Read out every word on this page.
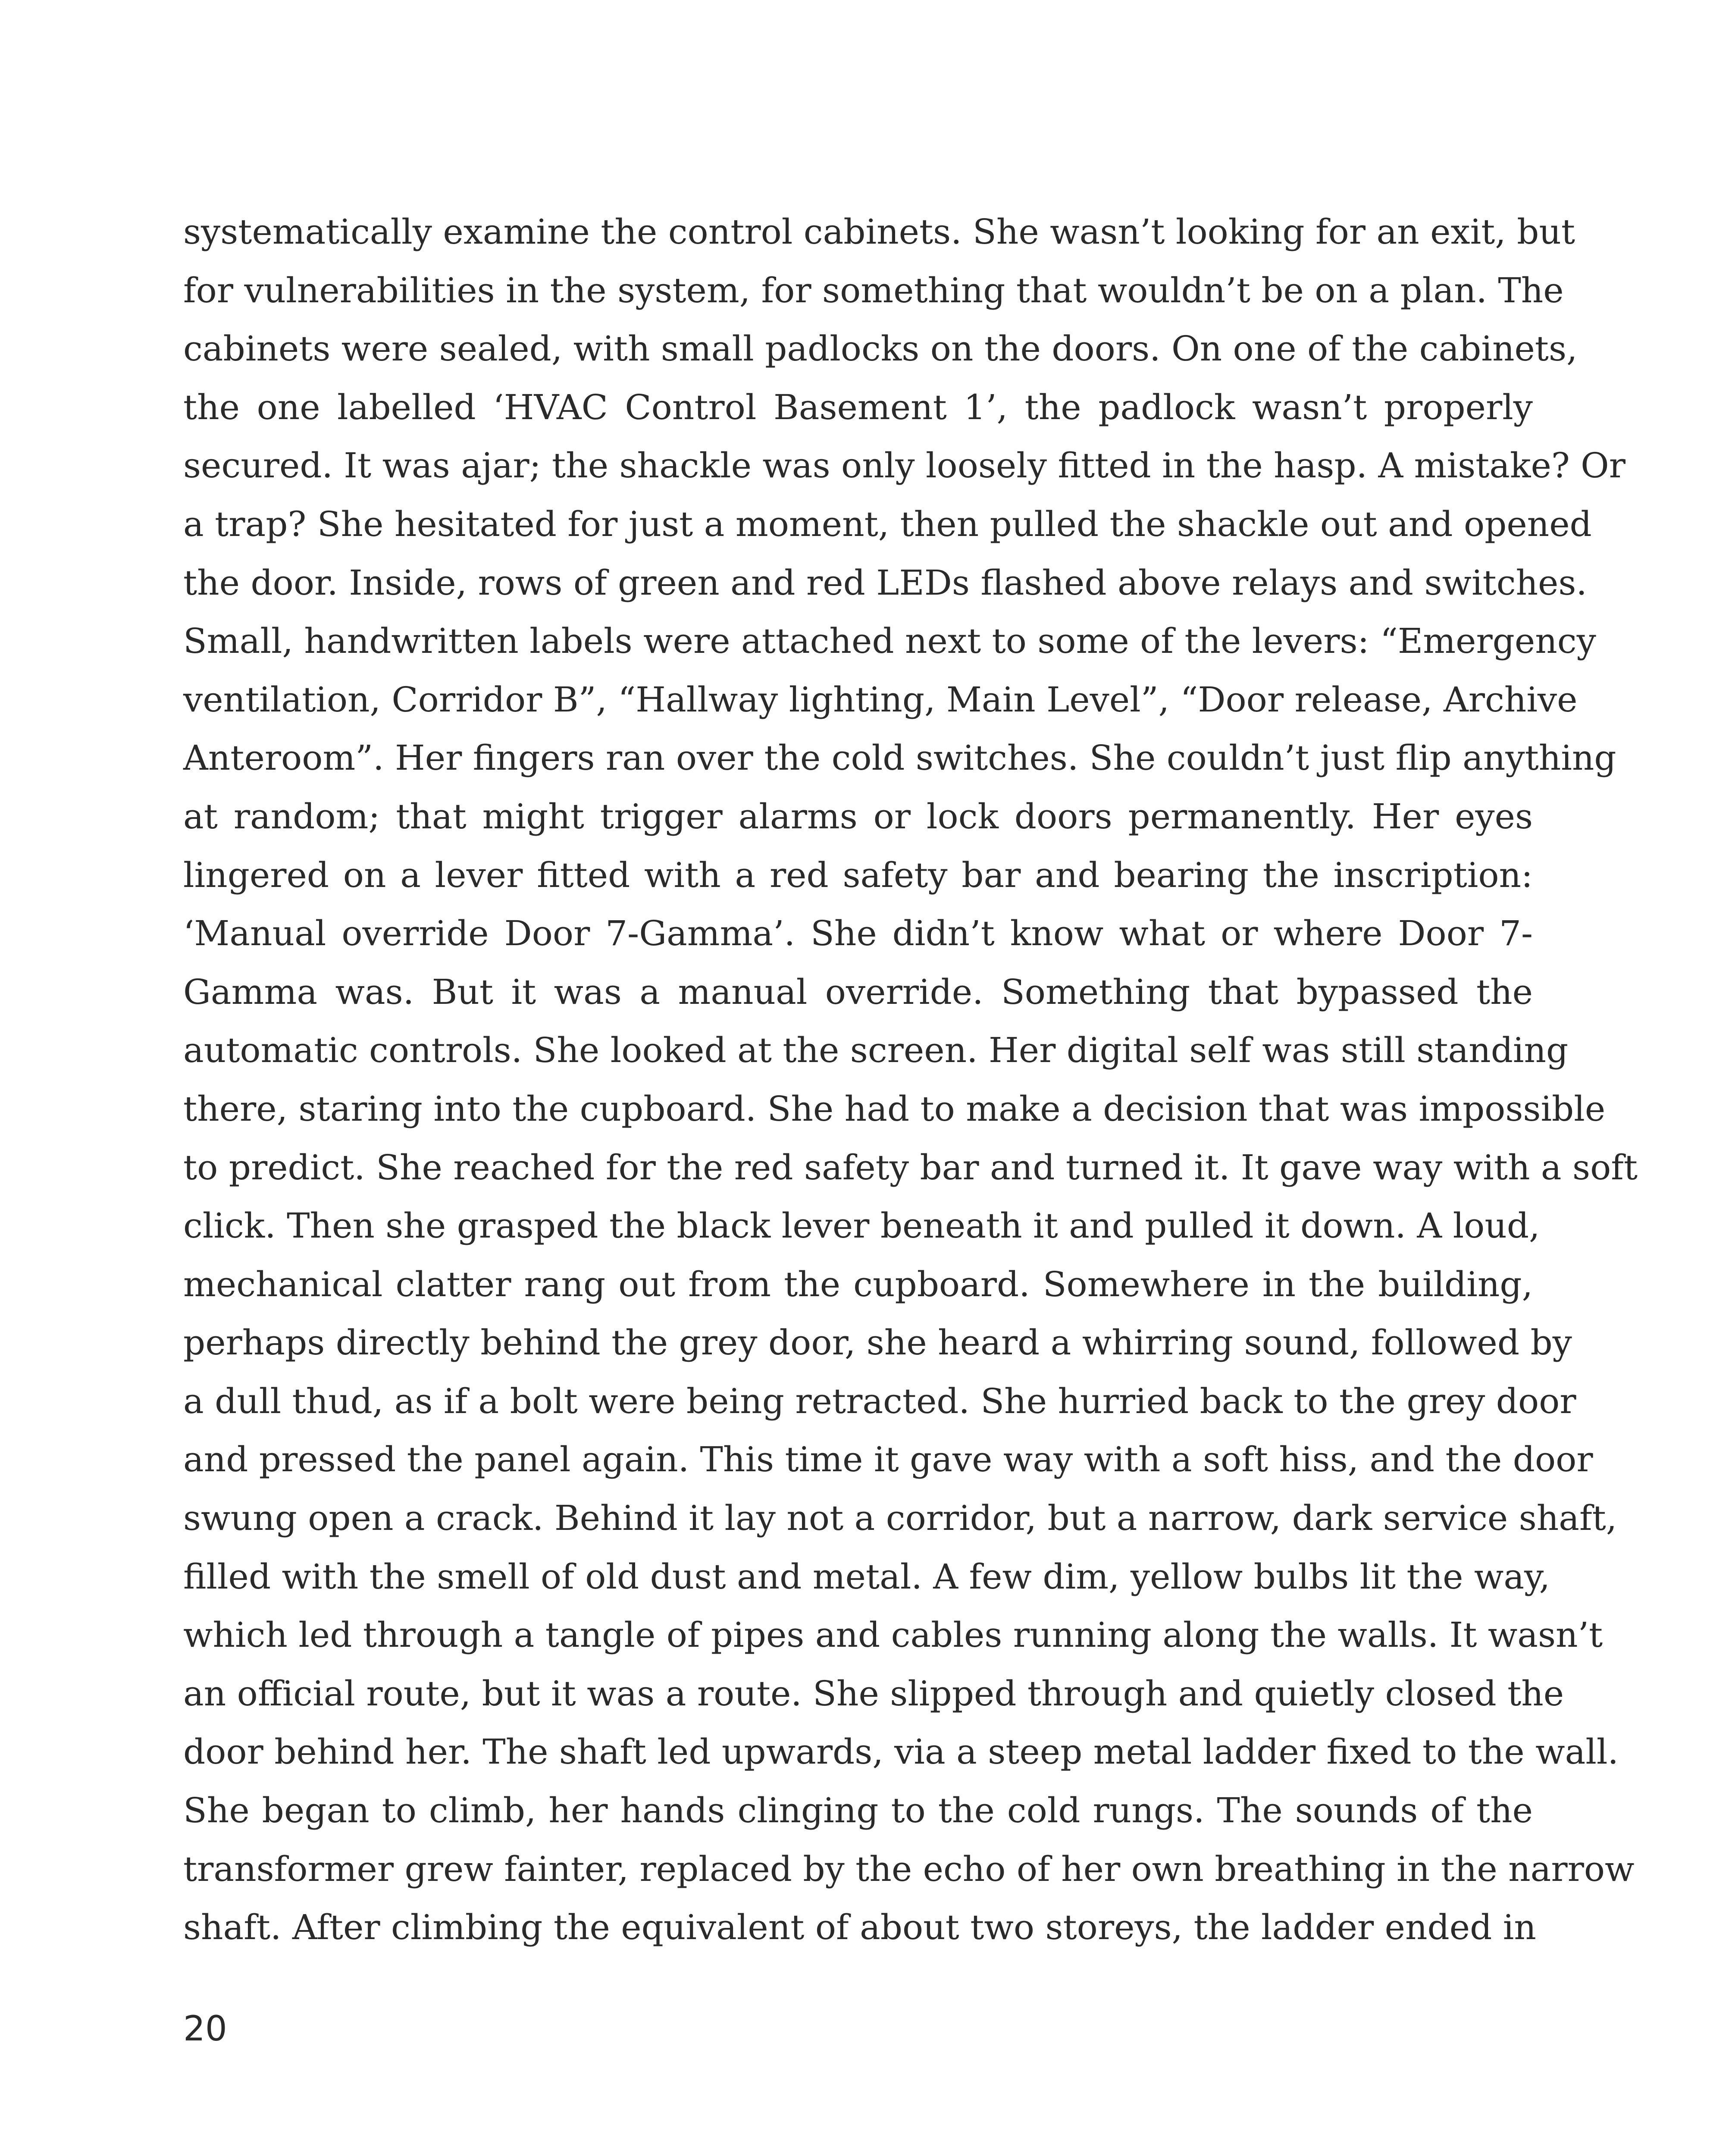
systematically examine the control cabinets. She wasn’t looking for an exit, but
for vulnerabilities in the system, for something that wouldn’t be on a plan. The
cabinets were sealed, with small padlocks on the doors. On one of the cabinets,
the one labelled ‘HVAC Control Basement 1’, the padlock wasn’t properly
secured. It was ajar; the shackle was only loosely fitted in the hasp. A mistake? Or
a trap? She hesitated for just a moment, then pulled the shackle out and opened
the door. Inside, rows of green and red LEDs flashed above relays and switches.
Small, handwritten labels were attached next to some of the levers: “Emergency
ventilation, Corridor B”, “Hallway lighting, Main Level”, “Door release, Archive
Anteroom”. Her fingers ran over the cold switches. She couldn’t just flip anything
at random; that might trigger alarms or lock doors permanently. Her eyes
lingered on a lever fitted with a red safety bar and bearing the inscription:
‘Manual override Door 7-Gamma’. She didn’t know what or where Door 7-
Gamma was. But it was a manual override. Something that bypassed the
automatic controls. She looked at the screen. Her digital self was still standing
there, staring into the cupboard. She had to make a decision that was impossible
to predict. She reached for the red safety bar and turned it. It gave way with a soft
click. Then she grasped the black lever beneath it and pulled it down. A loud,
mechanical clatter rang out from the cupboard. Somewhere in the building,
perhaps directly behind the grey door, she heard a whirring sound, followed by
a dull thud, as if a bolt were being retracted. She hurried back to the grey door
and pressed the panel again. This time it gave way with a soft hiss, and the door
swung open a crack. Behind it lay not a corridor, but a narrow, dark service shaft,
filled with the smell of old dust and metal. A few dim, yellow bulbs lit the way,
which led through a tangle of pipes and cables running along the walls. It wasn’t
an official route, but it was a route. She slipped through and quietly closed the
door behind her. The shaft led upwards, via a steep metal ladder fixed to the wall.
She began to climb, her hands clinging to the cold rungs. The sounds of the
transformer grew fainter, replaced by the echo of her own breathing in the narrow
shaft. After climbing the equivalent of about two storeys, the ladder ended in
20
